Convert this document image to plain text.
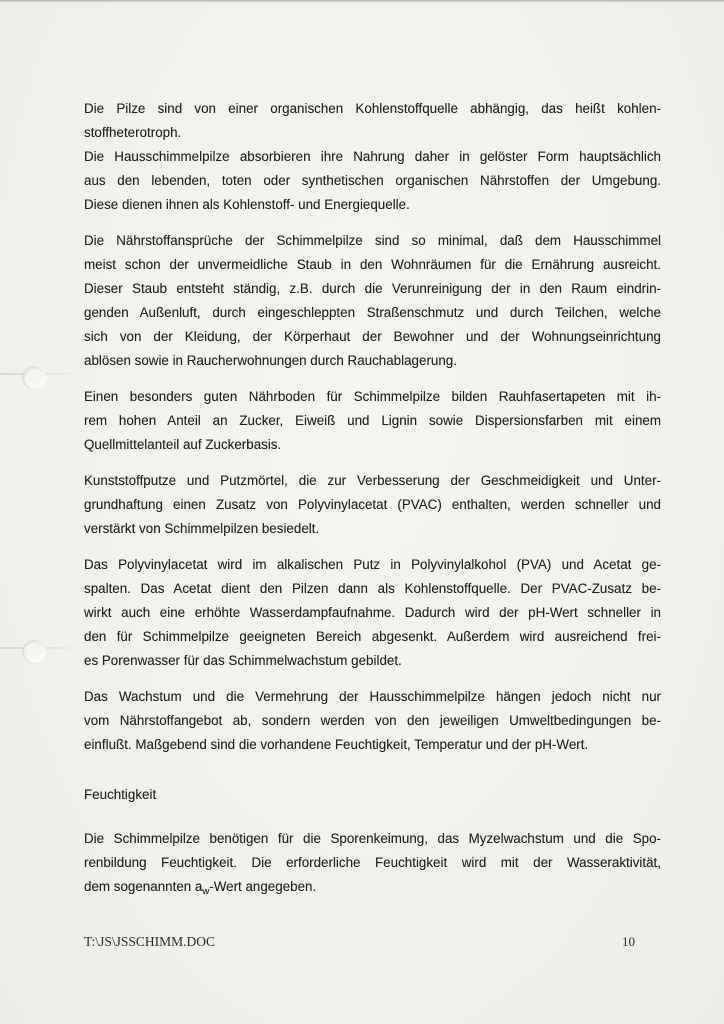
Die Pilze sind von einer organischen Kohlenstoffquelle abhängig, das heißt kohlen-
stoffheterotroph.
Die Hausschimmelpilze absorbieren ihre Nahrung daher in gelöster Form hauptsächlich
aus den lebenden, toten oder synthetischen organischen Nährstoffen der Umgebung.
Diese dienen ihnen als Kohlenstoff- und Energiequelle.
Die Nährstoffansprüche der Schimmelpilze sind so minimal, daß dem Hausschimmel
meist schon der unvermeidliche Staub in den Wohnräumen für die Ernährung ausreicht.
Dieser Staub entsteht ständig, z.B. durch die Verunreinigung der in den Raum eindrin-
genden Außenluft, durch eingeschleppten Straßenschmutz und durch Teilchen, welche
sich von der Kleidung, der Körperhaut der Bewohner und der Wohnungseinrichtung
ablösen sowie in Raucherwohnungen durch Rauchablagerung.
Einen besonders guten Nährboden für Schimmelpilze bilden Rauhfasertapeten mit ih-
rem hohen Anteil an Zucker, Eiweiß und Lignin sowie Dispersionsfarben mit einem
Quellmittelanteil auf Zuckerbasis.
Kunststoffputze und Putzmörtel, die zur Verbesserung der Geschmeidigkeit und Unter-
grundhaftung einen Zusatz von Polyvinylacetat (PVAC) enthalten, werden schneller und
verstärkt von Schimmelpilzen besiedelt.
Das Polyvinylacetat wird im alkalischen Putz in Polyvinylalkohol (PVA) und Acetat ge-
spalten. Das Acetat dient den Pilzen dann als Kohlenstoffquelle. Der PVAC-Zusatz be-
wirkt auch eine erhöhte Wasserdampfaufnahme. Dadurch wird der pH-Wert schneller in
den für Schimmelpilze geeigneten Bereich abgesenkt. Außerdem wird ausreichend frei-
es Porenwasser für das Schimmelwachstum gebildet.
Das Wachstum und die Vermehrung der Hausschimmelpilze hängen jedoch nicht nur
vom Nährstoffangebot ab, sondern werden von den jeweiligen Umweltbedingungen be-
einflußt. Maßgebend sind die vorhandene Feuchtigkeit, Temperatur und der pH-Wert.
Feuchtigkeit
Die Schimmelpilze benötigen für die Sporenkeimung, das Myzelwachstum und die Spo-
renbildung Feuchtigkeit. Die erforderliche Feuchtigkeit wird mit der Wasseraktivität,
dem sogenannten $a_w$-Wert angegeben.
T:\JS\JSSCHIMM.DOC	10
